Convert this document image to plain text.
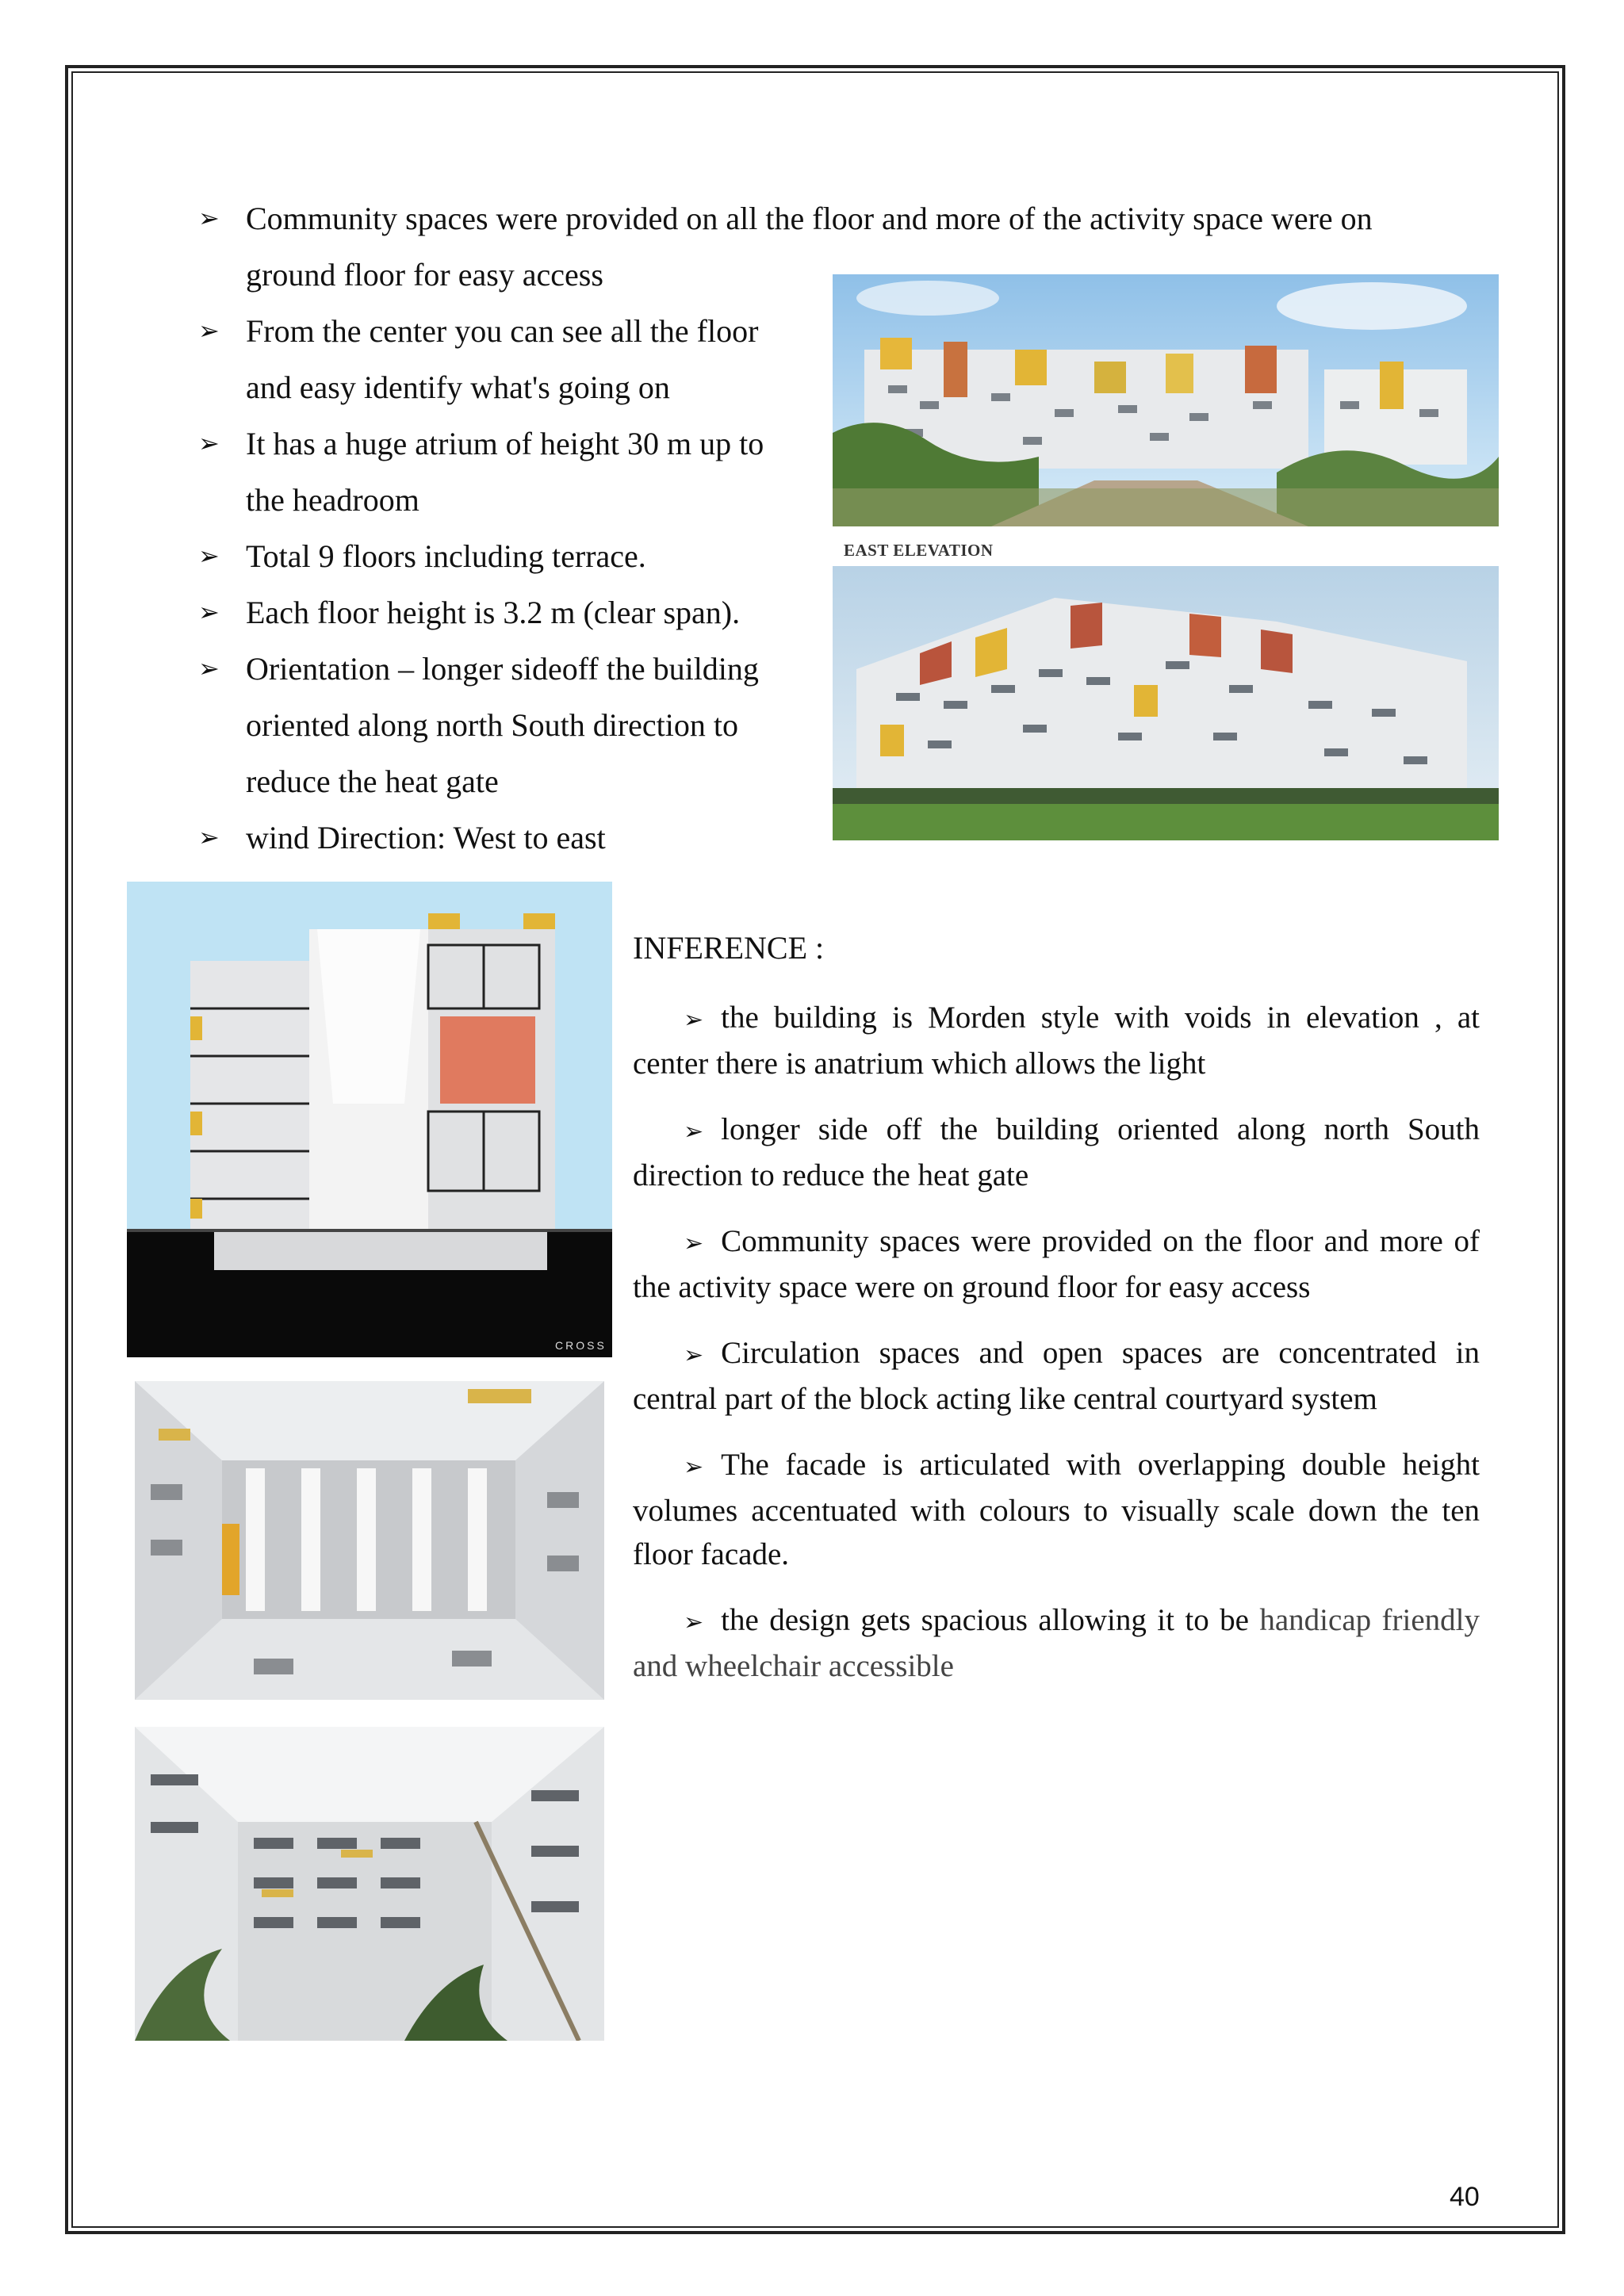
➢ Community spaces were provided on all the floor and more of the activity space were on
ground floor for easy access
➢ From the center you can see all the floor
and easy identify what's going on
➢ It has a huge atrium of height 30 m up to
the headroom
➢ Total 9 floors including terrace.
➢ Each floor height is 3.2 m (clear span).
➢ Orientation – longer sideoff the building
oriented along north South direction to
reduce the heat gate
➢ wind Direction: West to east
EAST ELEVATION
CROSS
INFERENCE :
➢ the building is Morden style with voids in elevation , at center there is anatrium which allows the light
➢ longer side off the building oriented along north South direction to reduce the heat gate
➢ Community spaces were provided on the floor and more of the activity space were on ground floor for easy access
➢ Circulation spaces and open spaces are concentrated in central part of the block acting like central courtyard system
➢ The facade is articulated with overlapping double height volumes accentuated with colours to visually scale down the ten floor facade.
➢ the design gets spacious allowing it to be handicap friendly and wheelchair accessible
40
